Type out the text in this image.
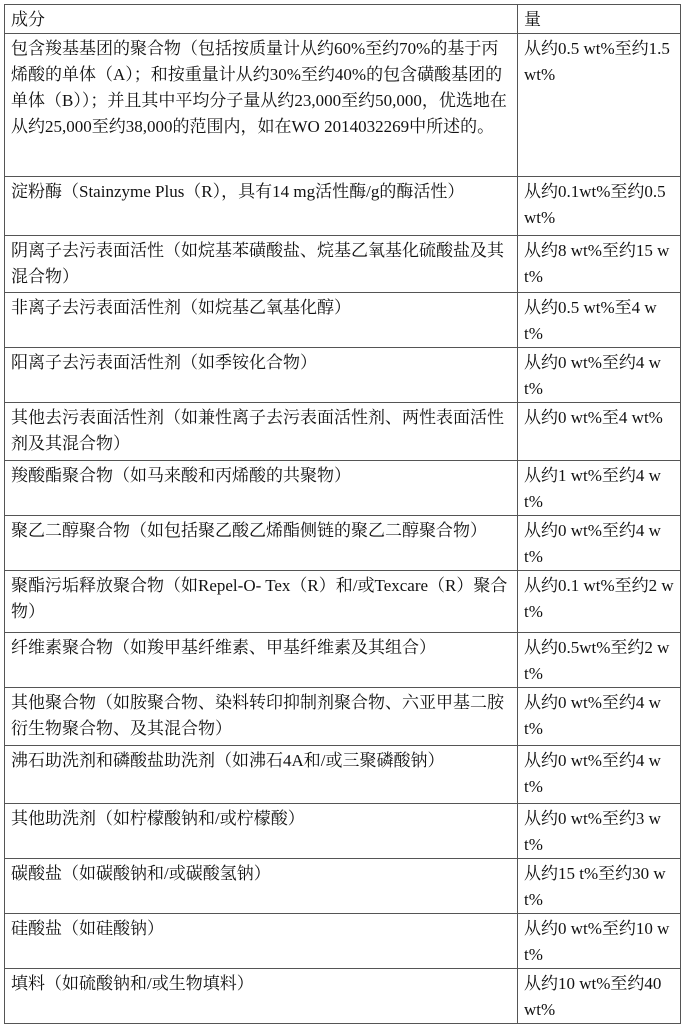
成分	量
包含羧基基团的聚合物（包括按质量计从约60%至约70%的基于丙烯酸的单体（A）；和按重量计从约30%至约40%的包含磺酸基团的单体（B））；并且其中平均分子量从约23,000至约50,000，优选地在从约25,000至约38,000的范围内，如在WO 2014032269中所述的。	从约0.5 wt%至约1.5 wt%
淀粉酶（Stainzyme Plus（R），具有14 mg活性酶/g的酶活性）	从约0.1wt%至约0.5 wt%
阴离子去污表面活性（如烷基苯磺酸盐、烷基乙氧基化硫酸盐及其混合物）	从约8 wt%至约15 wt%
非离子去污表面活性剂（如烷基乙氧基化醇）	从约0.5 wt%至4 wt%
阳离子去污表面活性剂（如季铵化合物）	从约0 wt%至约4 wt%
其他去污表面活性剂（如兼性离子去污表面活性剂、两性表面活性剂及其混合物）	从约0 wt%至4 wt%
羧酸酯聚合物（如马来酸和丙烯酸的共聚物）	从约1 wt%至约4 wt%
聚乙二醇聚合物（如包括聚乙酸乙烯酯侧链的聚乙二醇聚合物）	从约0 wt%至约4 wt%
聚酯污垢释放聚合物（如Repel-O- Tex（R）和/或Texcare（R）聚合物）	从约0.1 wt%至约2 wt%
纤维素聚合物（如羧甲基纤维素、甲基纤维素及其组合）	从约0.5wt%至约2 wt%
其他聚合物（如胺聚合物、染料转印抑制剂聚合物、六亚甲基二胺衍生物聚合物、及其混合物）	从约0 wt%至约4 wt%
沸石助洗剂和磷酸盐助洗剂（如沸石4A和/或三聚磷酸钠）	从约0 wt%至约4 wt%
其他助洗剂（如柠檬酸钠和/或柠檬酸）	从约0 wt%至约3 wt%
碳酸盐（如碳酸钠和/或碳酸氢钠）	从约15 t%至约30 wt%
硅酸盐（如硅酸钠）	从约0 wt%至约10 wt%
填料（如硫酸钠和/或生物填料）	从约10 wt%至约40 wt%
